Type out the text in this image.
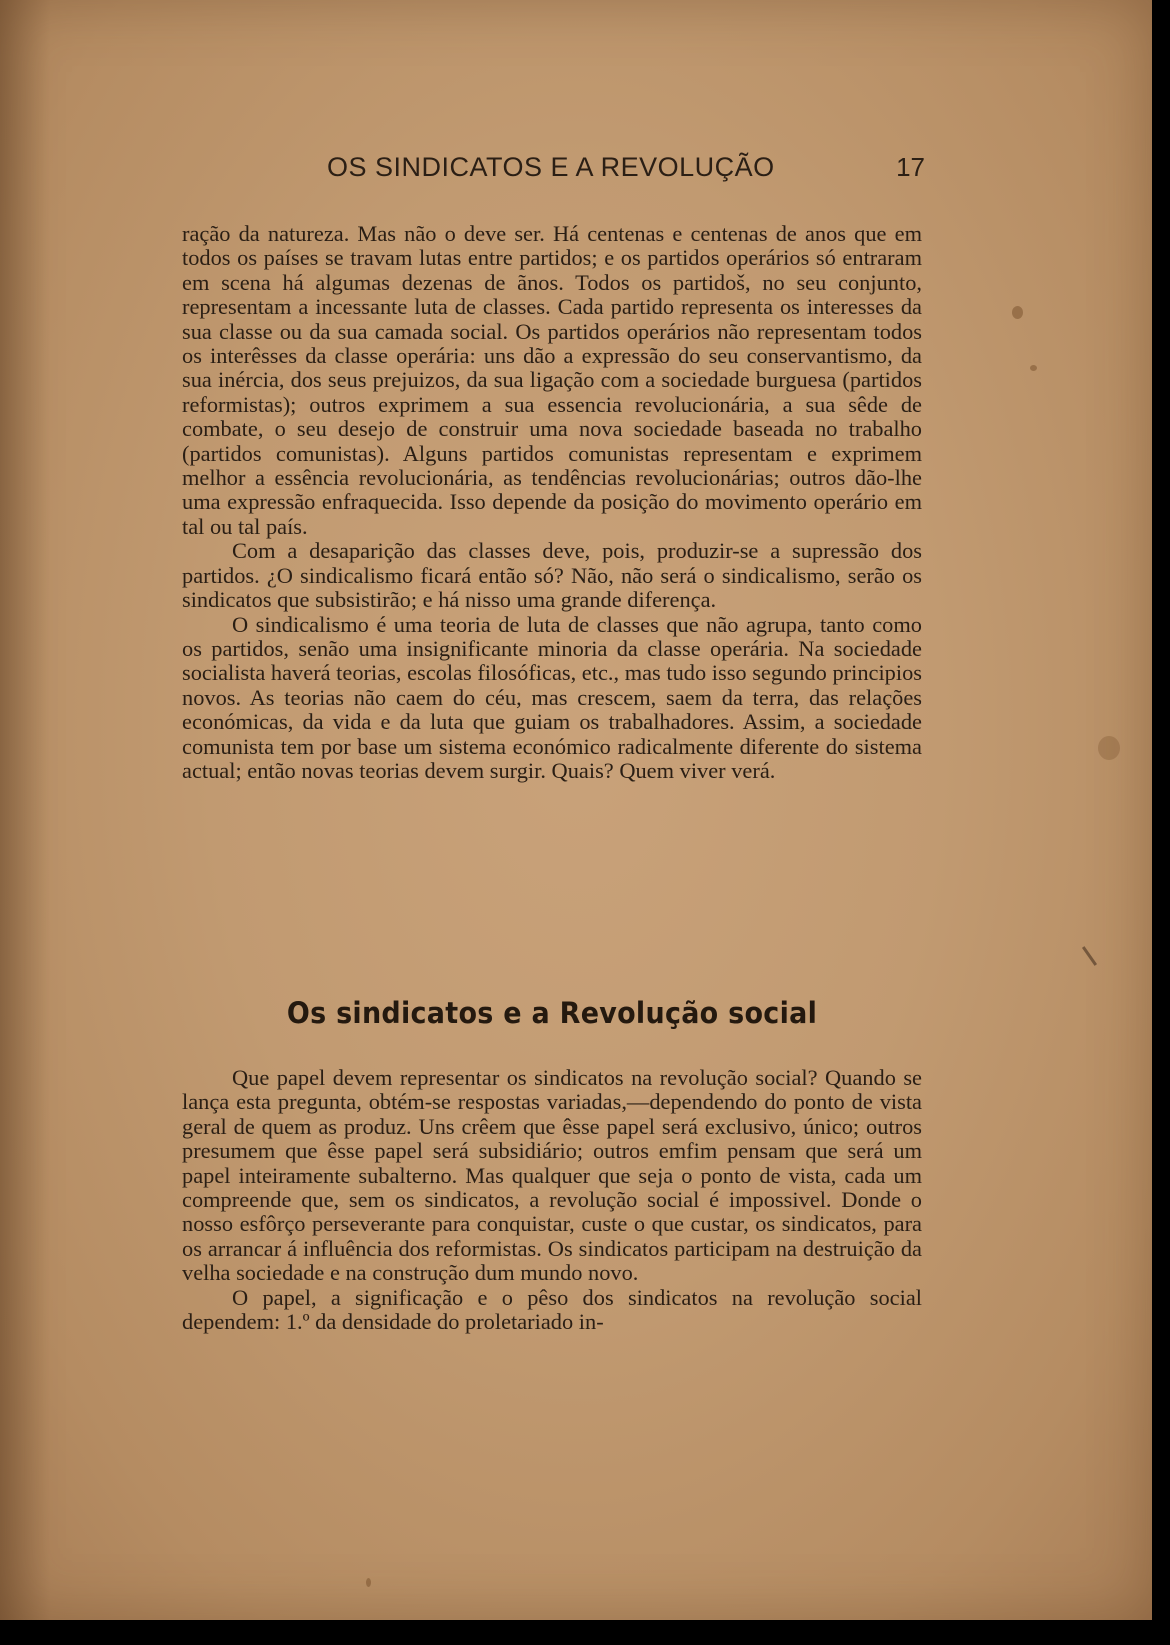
OS SINDICATOS E A REVOLUÇÃO	17

ração da natureza. Mas não o deve ser. Há centenas e centenas de anos que em todos os países se travam lutas entre partidos; e os partidos operários só entraram em scena há algumas dezenas de ãnos. Todos os partidoš, no seu conjunto, representam a incessante luta de classes. Cada partido representa os interesses da sua classe ou da sua camada social. Os partidos operários não representam todos os interêsses da classe operária: uns dão a expressão do seu conservantismo, da sua inércia, dos seus prejuizos, da sua ligação com a sociedade burguesa (partidos reformistas); outros exprimem a sua essencia revolucionária, a sua sêde de combate, o seu desejo de construir uma nova sociedade baseada no trabalho (partidos comunistas). Alguns partidos comunistas representam e exprimem melhor a essência revolucionária, as tendências revolucionárias; outros dão-lhe uma expressão enfraquecida. Isso depende da posição do movimento operário em tal ou tal país.

Com a desaparição das classes deve, pois, produzir-se a supressão dos partidos. ¿O sindicalismo ficará então só? Não, não será o sindicalismo, serão os sindicatos que subsistirão; e há nisso uma grande diferença.

O sindicalismo é uma teoria de luta de classes que não agrupa, tanto como os partidos, senão uma insignificante minoria da classe operária. Na sociedade socialista haverá teorias, escolas filosóficas, etc., mas tudo isso segundo principios novos. As teorias não caem do céu, mas crescem, saem da terra, das relações económicas, da vida e da luta que guiam os trabalhadores. Assim, a sociedade comunista tem por base um sistema económico radicalmente diferente do sistema actual; então novas teorias devem surgir. Quais? Quem viver verá.

Os sindicatos e a Revolução social

Que papel devem representar os sindicatos na revolução social? Quando se lança esta pregunta, obtém-se respostas variadas,—dependendo do ponto de vista geral de quem as produz. Uns crêem que êsse papel será exclusivo, único; outros presumem que êsse papel será subsidiário; outros emfim pensam que será um papel inteiramente subalterno. Mas qualquer que seja o ponto de vista, cada um compreende que, sem os sindicatos, a revolução social é impossivel. Donde o nosso esfôrço perseverante para conquistar, custe o que custar, os sindicatos, para os arrancar á influência dos reformistas. Os sindicatos participam na destruição da velha sociedade e na construção dum mundo novo.

O papel, a significação e o pêso dos sindicatos na revolução social dependem: 1.º da densidade do proletariado in-
